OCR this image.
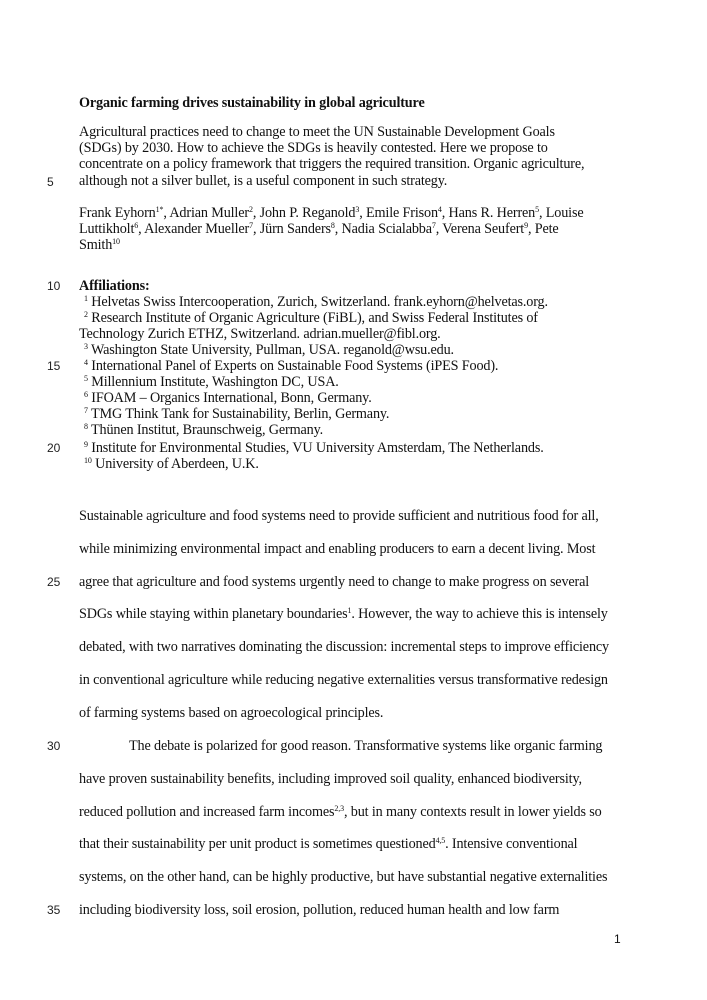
Organic farming drives sustainability in global agriculture
Agricultural practices need to change to meet the UN Sustainable Development Goals
(SDGs) by 2030. How to achieve the SDGs is heavily contested. Here we propose to
concentrate on a policy framework that triggers the required transition. Organic agriculture,
although not a silver bullet, is a useful component in such strategy.
5
Frank Eyhorn$^{1*}$, Adrian Muller$^2$, John P. Reganold$^3$, Emile Frison$^4$, Hans R. Herren$^5$, Louise
Luttikholt$^6$, Alexander Mueller$^7$, Jürn Sanders$^8$, Nadia Scialabba$^7$, Verena Seufert$^9$, Pete
Smith$^{10}$
10 Affiliations:
$^1$ Helvetas Swiss Intercooperation, Zurich, Switzerland. frank.eyhorn@helvetas.org.
$^2$ Research Institute of Organic Agriculture (FiBL), and Swiss Federal Institutes of
Technology Zurich ETHZ, Switzerland. adrian.mueller@fibl.org.
$^3$ Washington State University, Pullman, USA. reganold@wsu.edu.
$^4$ International Panel of Experts on Sustainable Food Systems (iPES Food).
$^5$ Millennium Institute, Washington DC, USA.
$^6$ IFOAM – Organics International, Bonn, Germany.
$^7$ TMG Think Tank for Sustainability, Berlin, Germany.
$^8$ Thünen Institut, Braunschweig, Germany.
$^9$ Institute for Environmental Studies, VU University Amsterdam, The Netherlands.
$^{10}$ University of Aberdeen, U.K.
15
20
Sustainable agriculture and food systems need to provide sufficient and nutritious food for all,
while minimizing environmental impact and enabling producers to earn a decent living. Most
agree that agriculture and food systems urgently need to change to make progress on several
SDGs while staying within planetary boundaries$^1$. However, the way to achieve this is intensely
debated, with two narratives dominating the discussion: incremental steps to improve efficiency
in conventional agriculture while reducing negative externalities versus transformative redesign
of farming systems based on agroecological principles.
The debate is polarized for good reason. Transformative systems like organic farming
have proven sustainability benefits, including improved soil quality, enhanced biodiversity,
reduced pollution and increased farm incomes$^{2,3}$, but in many contexts result in lower yields so
that their sustainability per unit product is sometimes questioned$^{4,5}$. Intensive conventional
systems, on the other hand, can be highly productive, but have substantial negative externalities
including biodiversity loss, soil erosion, pollution, reduced human health and low farm
25
30
35
1
